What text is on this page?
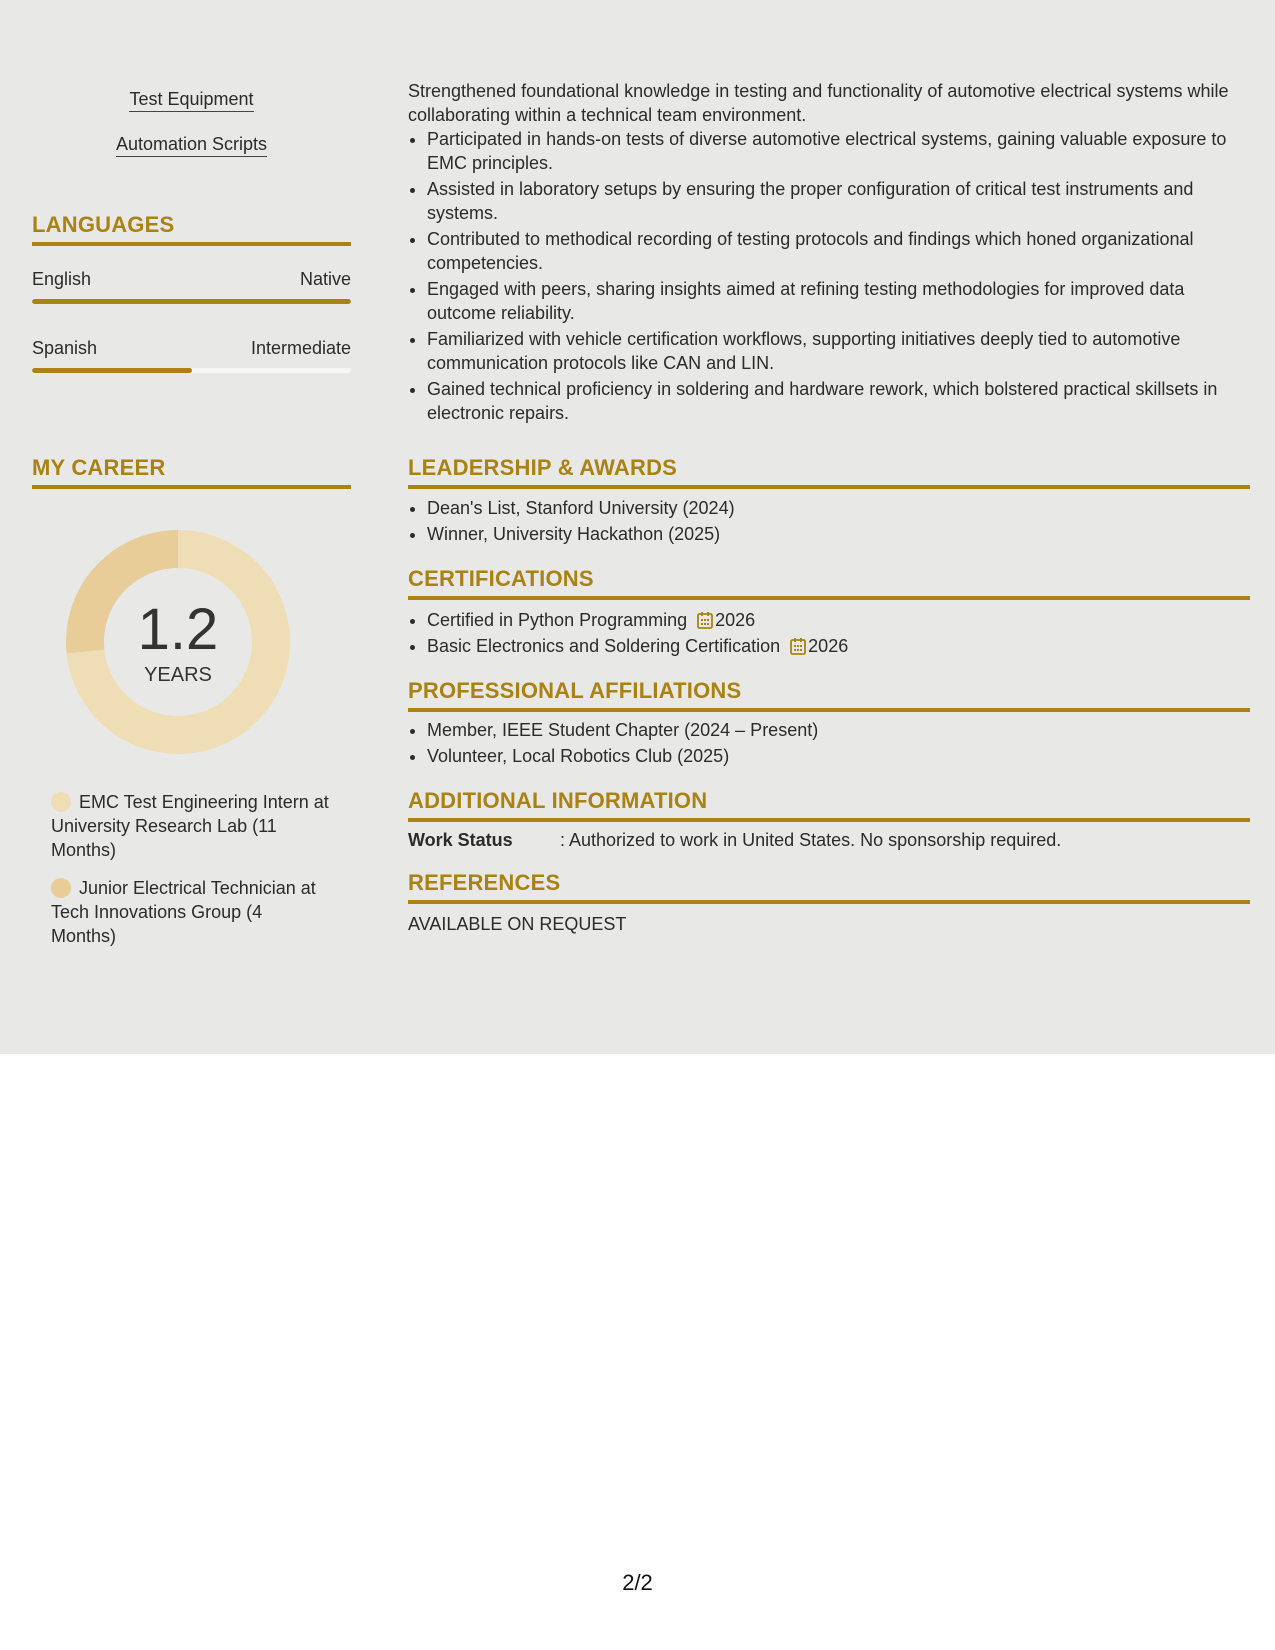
Test Equipment
Automation Scripts
LANGUAGES
English	Native
Spanish	Intermediate
MY CAREER
1.2
YEARS
EMC Test Engineering Intern at University Research Lab (11 Months)
Junior Electrical Technician at Tech Innovations Group (4 Months)
Strengthened foundational knowledge in testing and functionality of automotive electrical systems while collaborating within a technical team environment.
• Participated in hands-on tests of diverse automotive electrical systems, gaining valuable exposure to EMC principles.
• Assisted in laboratory setups by ensuring the proper configuration of critical test instruments and systems.
• Contributed to methodical recording of testing protocols and findings which honed organizational competencies.
• Engaged with peers, sharing insights aimed at refining testing methodologies for improved data outcome reliability.
• Familiarized with vehicle certification workflows, supporting initiatives deeply tied to automotive communication protocols like CAN and LIN.
• Gained technical proficiency in soldering and hardware rework, which bolstered practical skillsets in electronic repairs.
LEADERSHIP & AWARDS
• Dean's List, Stanford University (2024)
• Winner, University Hackathon (2025)
CERTIFICATIONS
• Certified in Python Programming 2026
• Basic Electronics and Soldering Certification 2026
PROFESSIONAL AFFILIATIONS
• Member, IEEE Student Chapter (2024 – Present)
• Volunteer, Local Robotics Club (2025)
ADDITIONAL INFORMATION
Work Status	: Authorized to work in United States. No sponsorship required.
REFERENCES
AVAILABLE ON REQUEST
2/2
